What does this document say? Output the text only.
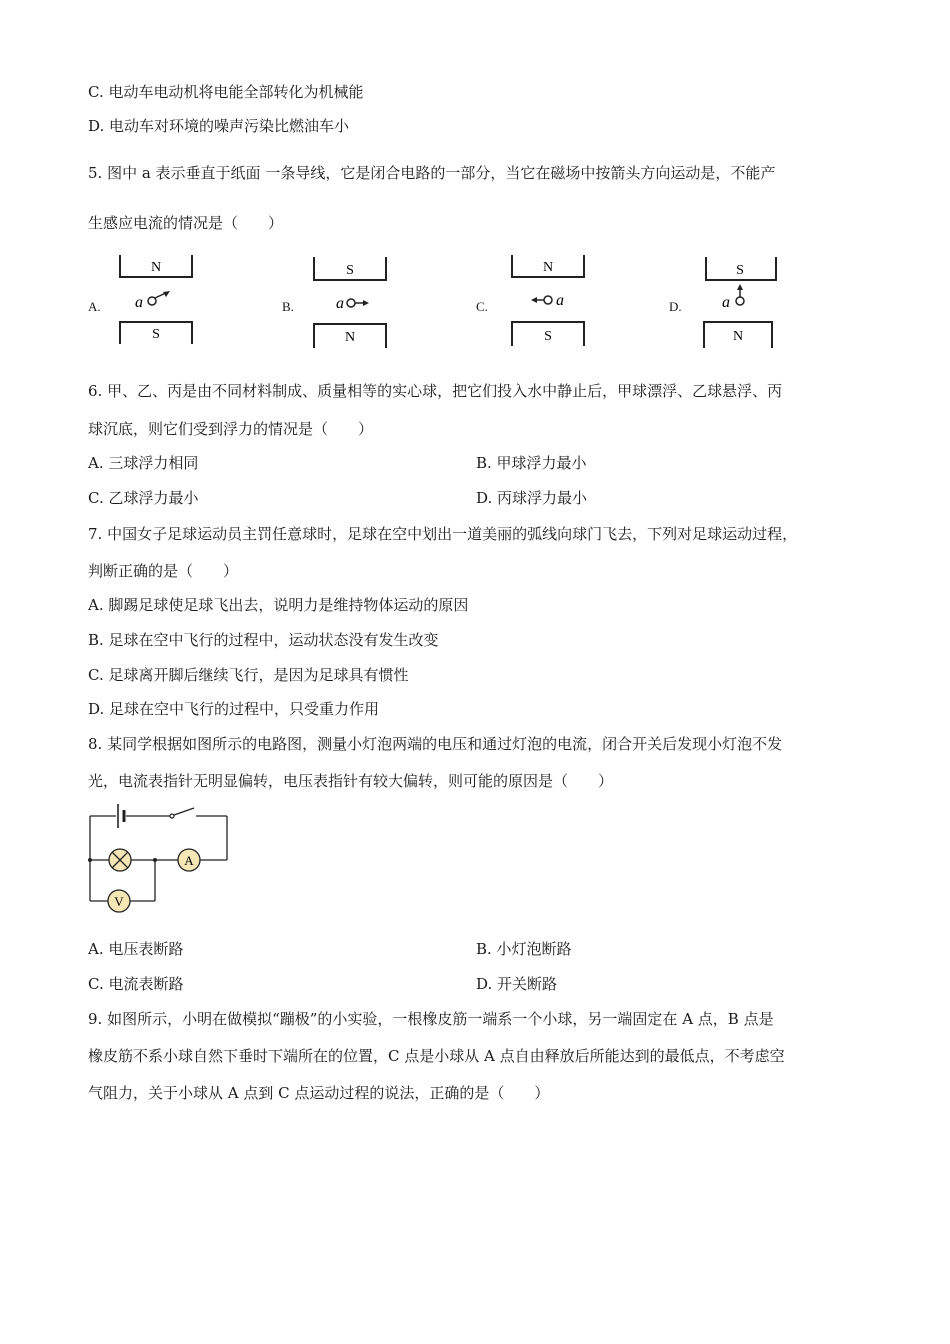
C. 电动车电动机将电能全部转化为机械能
D. 电动车对环境的噪声污染比燃油车小
5. 图中 a 表示垂直于纸面 一条导线，它是闭合电路的一部分，当它在磁场中按箭头方向运动是，不能产
生感应电流的情况是（　　）
A.
N
a
S
B.
S
a
N
C.
N
a
S
D.
S
a
N
6. 甲、乙、丙是由不同材料制成、质量相等的实心球，把它们投入水中静止后，甲球漂浮、乙球悬浮、丙
球沉底，则它们受到浮力的情况是（　　）
A. 三球浮力相同	B. 甲球浮力最小
C. 乙球浮力最小	D. 丙球浮力最小
7. 中国女子足球运动员主罚任意球时，足球在空中划出一道美丽的弧线向球门飞去，下列对足球运动过程，
判断正确的是（　　）
A. 脚踢足球使足球飞出去，说明力是维持物体运动的原因
B. 足球在空中飞行的过程中，运动状态没有发生改变
C. 足球离开脚后继续飞行，是因为足球具有惯性
D. 足球在空中飞行的过程中，只受重力作用
8. 某同学根据如图所示的电路图，测量小灯泡两端的电压和通过灯泡的电流，闭合开关后发现小灯泡不发
光，电流表指针无明显偏转，电压表指针有较大偏转，则可能的原因是（　　）
A
V
A. 电压表断路	B. 小灯泡断路
C. 电流表断路	D. 开关断路
9. 如图所示，小明在做模拟“蹦极”的小实验，一根橡皮筋一端系一个小球，另一端固定在 A 点，B 点是
橡皮筋不系小球自然下垂时下端所在的位置，C 点是小球从 A 点自由释放后所能达到的最低点，不考虑空
气阻力，关于小球从 A 点到 C 点运动过程的说法，正确的是（　　）
